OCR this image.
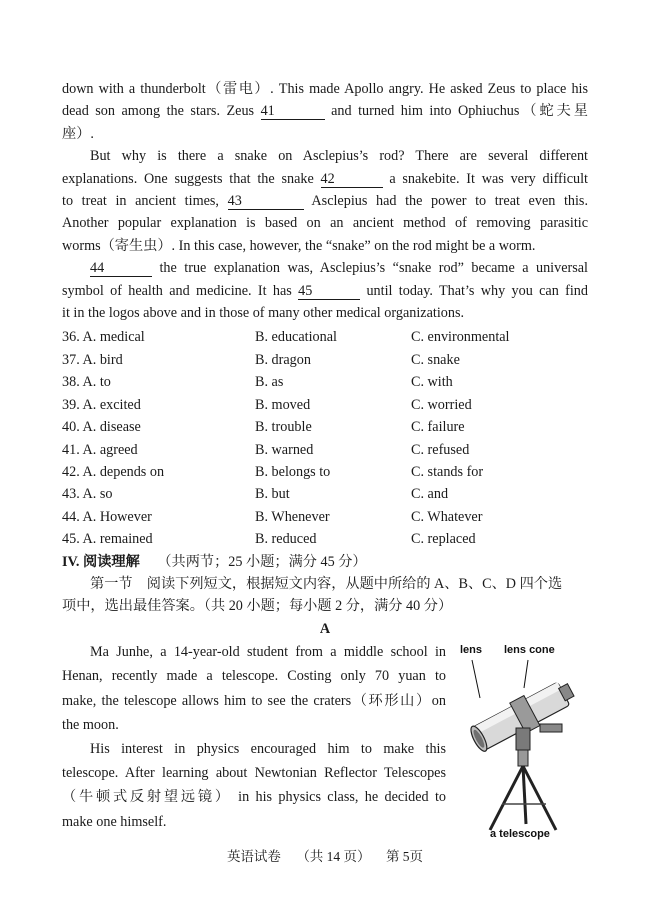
down with a thunderbolt（雷电）. This made Apollo angry. He asked Zeus to place his
dead son among the stars. Zeus 41	and turned him into Ophiuchus（蛇夫星
座）.
But why is there a snake on Asclepius’s rod? There are several different
explanations. One suggests that the snake 42	a snakebite. It was very difficult
to treat in ancient times, 43	Asclepius had the power to treat even this.
Another popular explanation is based on an ancient method of removing parasitic
worms（寄生虫）. In this case, however, the “snake” on the rod might be a worm.
44	the true explanation was, Asclepius’s “snake rod” became a universal
symbol of health and medicine. It has 45	until today. That’s why you can find
it in the logos above and in those of many other medical organizations.
36. A. medical	B. educational	C. environmental
37. A. bird	B. dragon	C. snake
38. A. to	B. as	C. with
39. A. excited	B. moved	C. worried
40. A. disease	B. trouble	C. failure
41. A. agreed	B. warned	C. refused
42. A. depends on	B. belongs to	C. stands for
43. A. so	B. but	C. and
44. A. However	B. Whenever	C. Whatever
45. A. remained	B. reduced	C. replaced
IV. 阅读理解 （共两节；25 小题；满分 45 分）
第一节　阅读下列短文，根据短文内容，从题中所给的 A、B、C、D 四个选
项中，选出最佳答案。（共 20 小题；每小题 2 分，满分 40 分）
A
Ma Junhe, a 14-year-old student from a middle school in
Henan, recently made a telescope. Costing only 70 yuan to
make, the telescope allows him to see the craters（环形山）on
the moon.
His interest in physics encouraged him to make this
telescope. After learning about Newtonian Reflector Telescopes
（牛顿式反射望远镜） in his physics class, he decided to
make one himself.
lens lens cone
a telescope
英语试卷 （共 14 页） 第 5页
